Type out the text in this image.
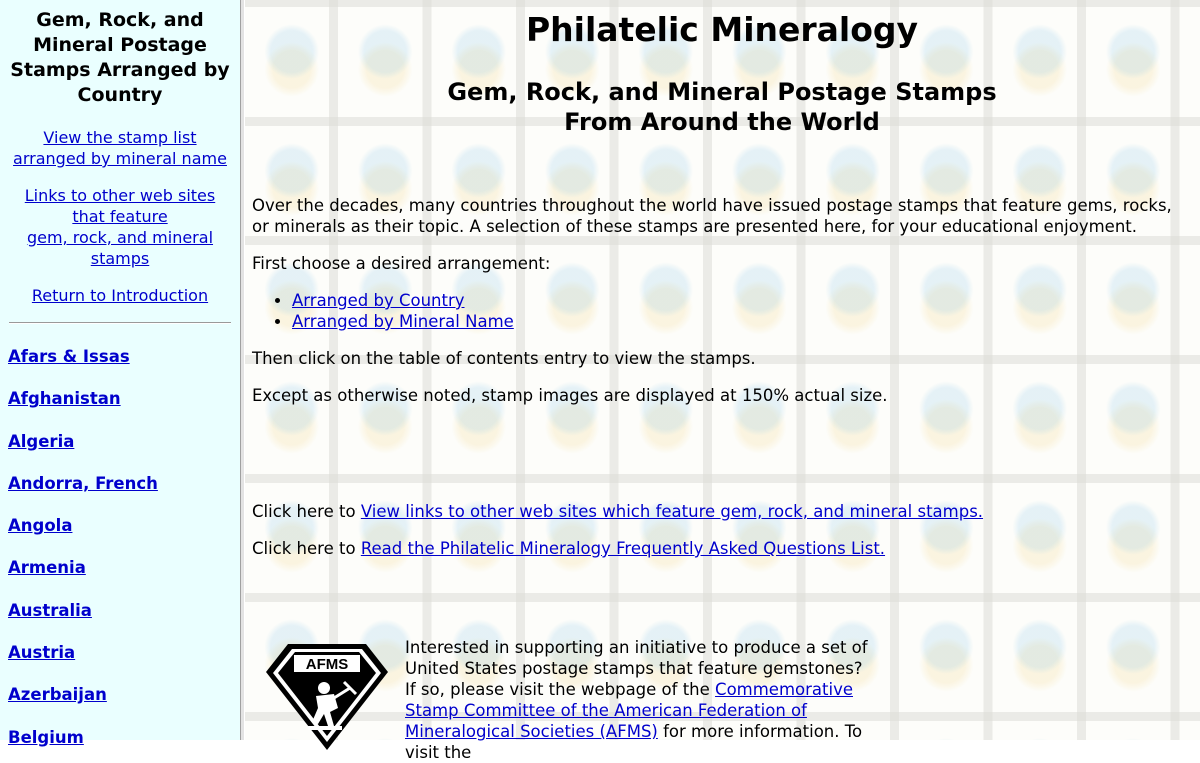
Gem, Rock, and Mineral Postage Stamps Arranged by Country
View the stamp list
arranged by mineral name
Links to other web sites that feature
gem, rock, and mineral stamps
Return to Introduction
Afars & Issas
Afghanistan
Algeria
Andorra, French
Angola
Armenia
Australia
Austria
Azerbaijan
Belgium
Philatelic Mineralogy
Gem, Rock, and Mineral Postage Stamps
From Around the World

Over the decades, many countries throughout the world have issued postage stamps that feature gems, rocks, or minerals as their topic. A selection of these stamps are presented here, for your educational enjoyment.

First choose a desired arrangement:

• Arranged by Country
• Arranged by Mineral Name

Then click on the table of contents entry to view the stamps.

Except as otherwise noted, stamp images are displayed at 150% actual size.

Click here to View links to other web sites which feature gem, rock, and mineral stamps.

Click here to Read the Philatelic Mineralogy Frequently Asked Questions List.

AFMS

Interested in supporting an initiative to produce a set of United States postage stamps that feature gemstones? If so, please visit the webpage of the Commemorative Stamp Committee of the American Federation of Mineralogical Societies (AFMS) for more information. To visit the
